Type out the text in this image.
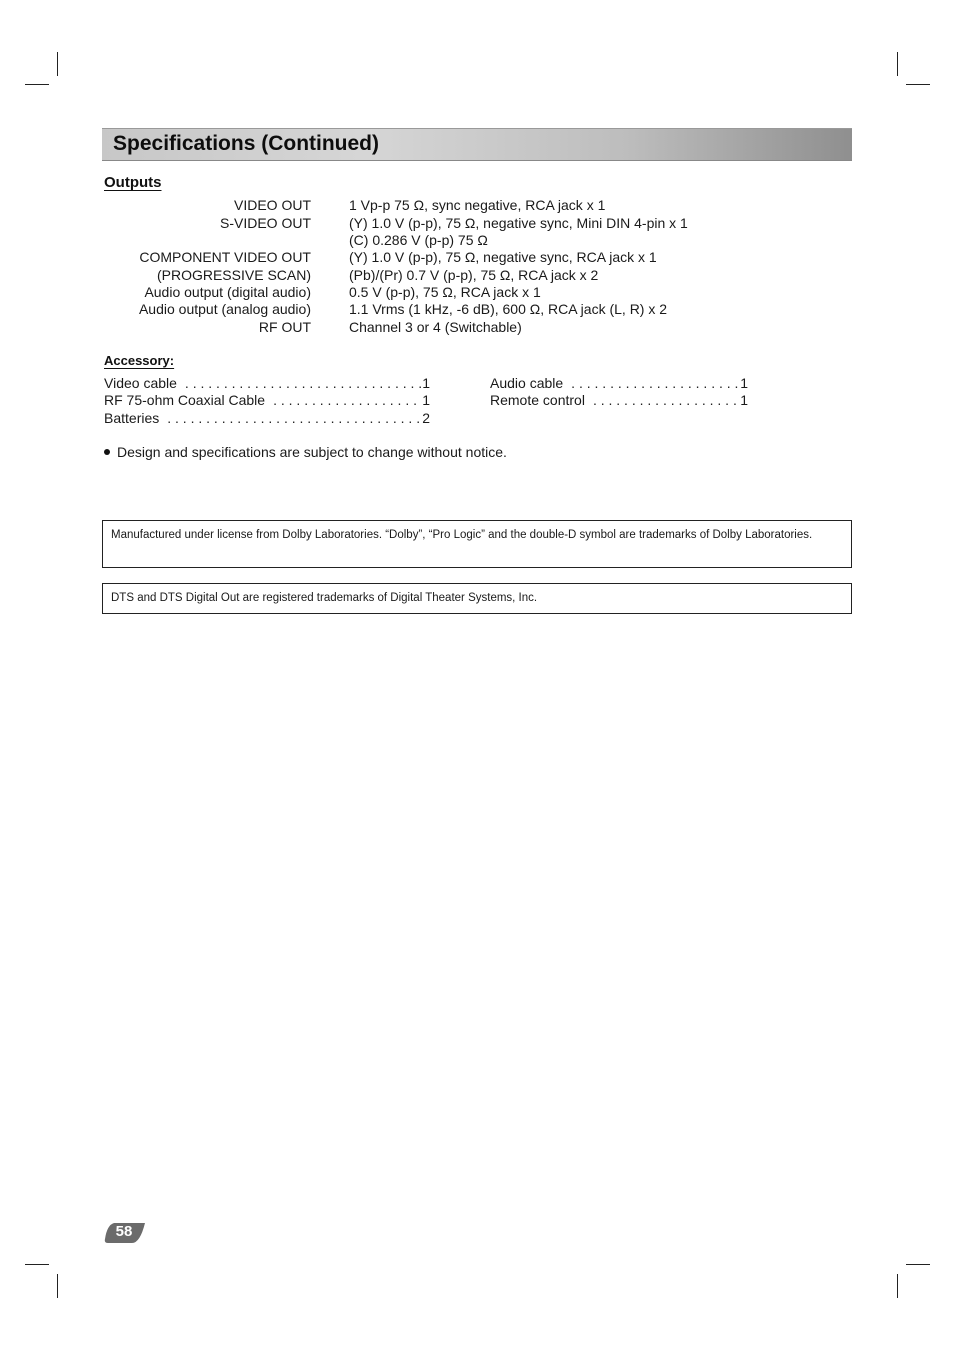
Specifications (Continued)
Outputs
VIDEO OUT	1 Vp-p 75 Ω, sync negative, RCA jack x 1
S-VIDEO OUT	(Y) 1.0 V (p-p), 75 Ω, negative sync, Mini DIN 4-pin x 1
(C) 0.286 V (p-p) 75 Ω
COMPONENT VIDEO OUT	(Y) 1.0 V (p-p), 75 Ω, negative sync, RCA jack x 1
(PROGRESSIVE SCAN)	(Pb)/(Pr) 0.7 V (p-p), 75 Ω, RCA jack x 2
Audio output (digital audio)	0.5 V (p-p), 75 Ω, RCA jack x 1
Audio output (analog audio)	1.1 Vrms (1 kHz, -6 dB), 600 Ω, RCA jack (L, R) x 2
RF OUT	Channel 3 or 4 (Switchable)
Accessory:
Video cable . . .	1
RF 75-ohm Coaxial Cable . . .	1
Batteries . . .	2
Audio cable . . .	1
Remote control . . .	1
Design and specifications are subject to change without notice.
Manufactured under license from Dolby Laboratories. “Dolby”, “Pro Logic” and the double-D symbol are trademarks of Dolby Laboratories.
DTS and DTS Digital Out are registered trademarks of Digital Theater Systems, Inc.
58
